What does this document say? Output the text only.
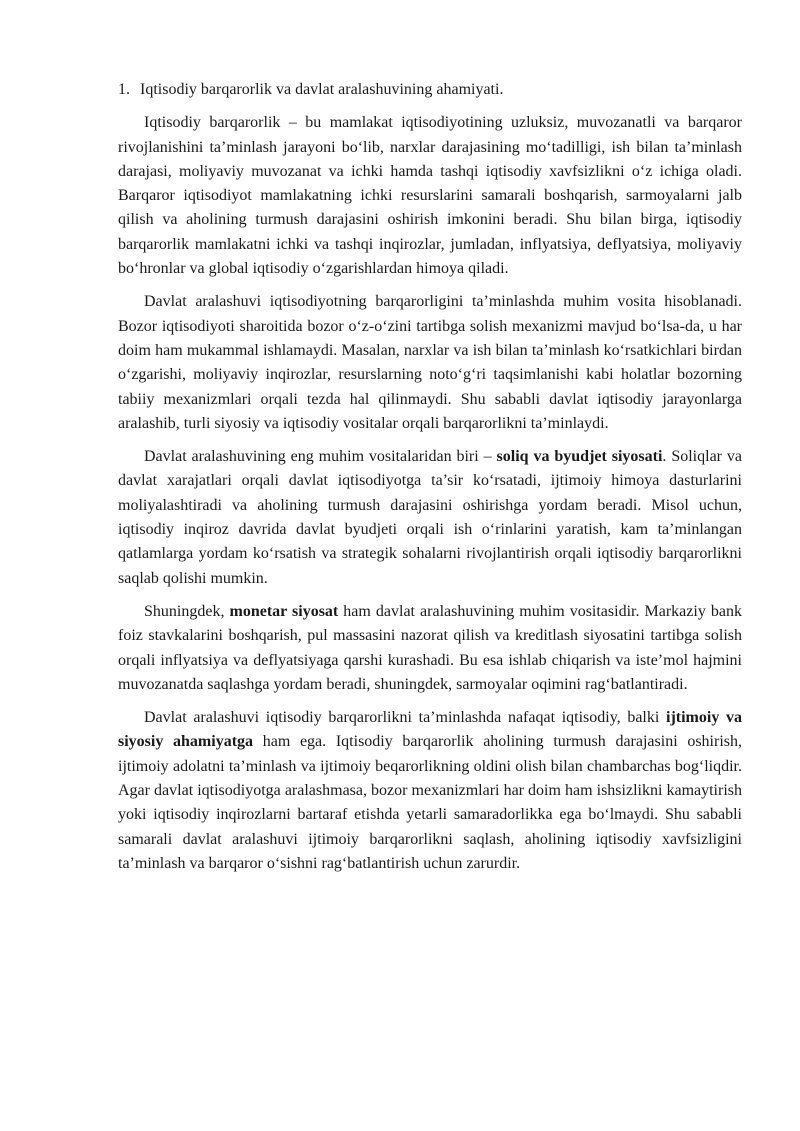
1. Iqtisodiy barqarorlik va davlat aralashuvining ahamiyati.

Iqtisodiy barqarorlik – bu mamlakat iqtisodiyotining uzluksiz, muvozanatli va barqaror rivojlanishini ta’minlash jarayoni bo‘lib, narxlar darajasining mo‘tadilligi, ish bilan ta’minlash darajasi, moliyaviy muvozanat va ichki hamda tashqi iqtisodiy xavfsizlikni o‘z ichiga oladi. Barqaror iqtisodiyot mamlakatning ichki resurslarini samarali boshqarish, sarmoyalarni jalb qilish va aholining turmush darajasini oshirish imkonini beradi. Shu bilan birga, iqtisodiy barqarorlik mamlakatni ichki va tashqi inqirozlar, jumladan, inflyatsiya, deflyatsiya, moliyaviy bo‘hronlar va global iqtisodiy o‘zgarishlardan himoya qiladi.

Davlat aralashuvi iqtisodiyotning barqarorligini ta’minlashda muhim vosita hisoblanadi. Bozor iqtisodiyoti sharoitida bozor o‘z-o‘zini tartibga solish mexanizmi mavjud bo‘lsa-da, u har doim ham mukammal ishlamaydi. Masalan, narxlar va ish bilan ta’minlash ko‘rsatkichlari birdan o‘zgarishi, moliyaviy inqirozlar, resurslarning noto‘g‘ri taqsimlanishi kabi holatlar bozorning tabiiy mexanizmlari orqali tezda hal qilinmaydi. Shu sababli davlat iqtisodiy jarayonlarga aralashib, turli siyosiy va iqtisodiy vositalar orqali barqarorlikni ta’minlaydi.

Davlat aralashuvining eng muhim vositalaridan biri – soliq va byudjet siyosati. Soliqlar va davlat xarajatlari orqali davlat iqtisodiyotga ta’sir ko‘rsatadi, ijtimoiy himoya dasturlarini moliyalashtiradi va aholining turmush darajasini oshirishga yordam beradi. Misol uchun, iqtisodiy inqiroz davrida davlat byudjeti orqali ish o‘rinlarini yaratish, kam ta’minlangan qatlamlarga yordam ko‘rsatish va strategik sohalarni rivojlantirish orqali iqtisodiy barqarorlikni saqlab qolishi mumkin.

Shuningdek, monetar siyosat ham davlat aralashuvining muhim vositasidir. Markaziy bank foiz stavkalarini boshqarish, pul massasini nazorat qilish va kreditlash siyosatini tartibga solish orqali inflyatsiya va deflyatsiyaga qarshi kurashadi. Bu esa ishlab chiqarish va iste’mol hajmini muvozanatda saqlashga yordam beradi, shuningdek, sarmoyalar oqimini rag‘batlantiradi.

Davlat aralashuvi iqtisodiy barqarorlikni ta’minlashda nafaqat iqtisodiy, balki ijtimoiy va siyosiy ahamiyatga ham ega. Iqtisodiy barqarorlik aholining turmush darajasini oshirish, ijtimoiy adolatni ta’minlash va ijtimoiy beqarorlikning oldini olish bilan chambarchas bog‘liqdir. Agar davlat iqtisodiyotga aralashmasa, bozor mexanizmlari har doim ham ishsizlikni kamaytirish yoki iqtisodiy inqirozlarni bartaraf etishda yetarli samaradorlikka ega bo‘lmaydi. Shu sababli samarali davlat aralashuvi ijtimoiy barqarorlikni saqlash, aholining iqtisodiy xavfsizligini ta’minlash va barqaror o‘sishni rag‘batlantirish uchun zarurdir.
